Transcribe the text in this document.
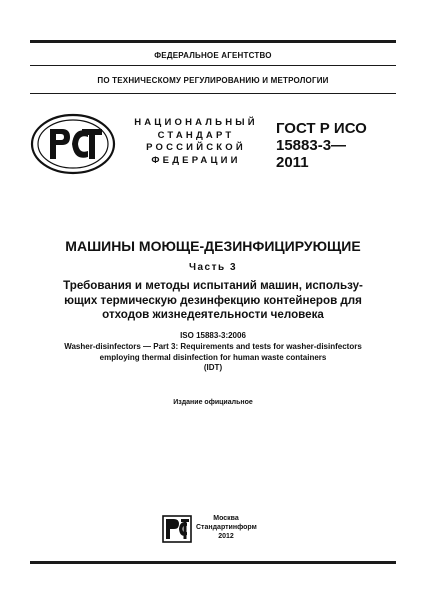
ФЕДЕРАЛЬНОЕ АГЕНТСТВО
ПО ТЕХНИЧЕСКОМУ РЕГУЛИРОВАНИЮ И МЕТРОЛОГИИ
НАЦИОНАЛЬНЫЙ
СТАНДАРТ
РОССИЙСКОЙ
ФЕДЕРАЦИИ
ГОСТ Р ИСО
15883-3—
2011
МАШИНЫ МОЮЩЕ-ДЕЗИНФИЦИРУЮЩИЕ
Часть 3
Требования и методы испытаний машин, использу-
ющих термическую дезинфекцию контейнеров для
отходов жизнедеятельности человека
ISO 15883-3:2006
Washer-disinfectors — Part 3: Requirements and tests for washer-disinfectors
employing thermal disinfection for human waste containers
(IDT)
Издание официальное
Москва
Стандартинформ
2012
